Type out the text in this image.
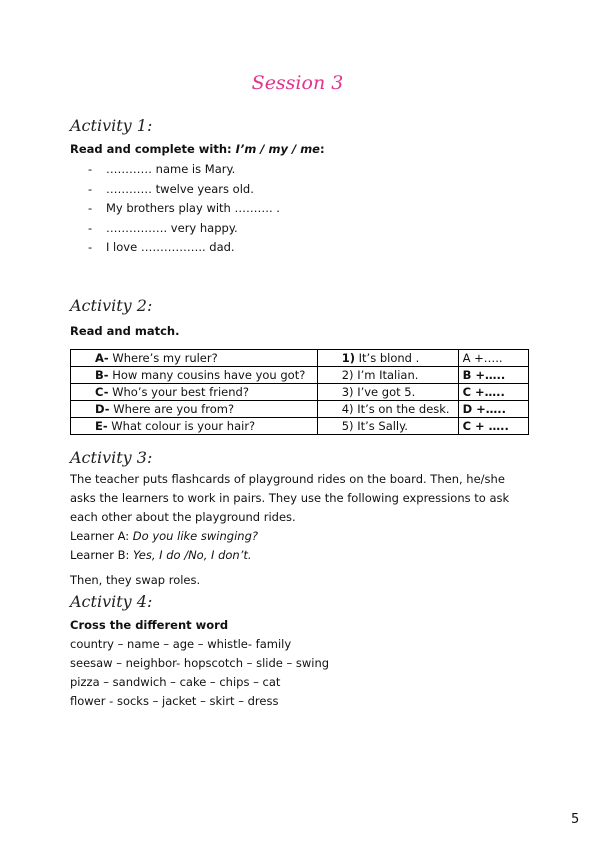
Session 3
Activity 1:
Read and complete with: I’m / my / me:
- ………… name is Mary.
- ………… twelve years old.
- My brothers play with ………. .
- ……………. very happy.
- I love …………….. dad.
Activity 2:
Read and match.
A- Where’s my ruler?	1) It’s blond .	A +…..
B- How many cousins have you got?	2) I’m Italian.	B +…..
C- Who’s your best friend?	3) I’ve got 5.	C +…..
D- Where are you from?	4) It’s on the desk.	D +…..
E- What colour is your hair?	5) It’s Sally.	C + …..
Activity 3:
The teacher puts flashcards of playground rides on the board. Then, he/she
asks the learners to work in pairs. They use the following expressions to ask
each other about the playground rides.
Learner A: Do you like swinging?
Learner B: Yes, I do /No, I don’t.
Then, they swap roles.
Activity 4:
Cross the different word
country – name – age – whistle- family
seesaw – neighbor- hopscotch – slide – swing
pizza – sandwich – cake – chips – cat
flower - socks – jacket – skirt – dress
5
